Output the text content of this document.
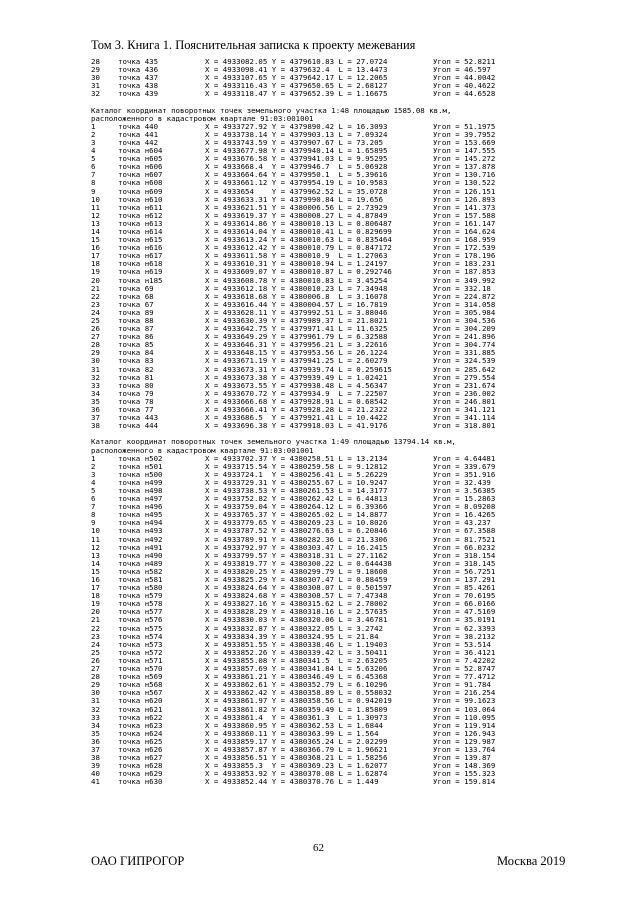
Том 3. Книга 1. Пояснительная записка к проекту межевания
28 точка 435	X = 4933082.05 Y = 4379610.83 L = 27.0724	Угол = 52.8211
29 точка 436	X = 4933098.41 Y = 4379632.4  L = 13.4473	Угол = 46.597
30 точка 437	X = 4933107.65 Y = 4379642.17 L = 12.2065	Угол = 44.0042
31 точка 438	X = 4933116.43 Y = 4379650.65 L = 2.68127	Угол = 40.4622
32 точка 439	X = 4933118.47 Y = 4379652.39 L = 1.16675	Угол = 44.6528
Каталог координат поворотных точек земельного участка 1:48 площадью 1585.08 кв.м,
расположенного в кадастровом квартале 91:03:001001
1	точка 440	X = 4933727.92 Y = 4379890.42 L = 16.3093	Угол = 51.1975
2	точка 441	X = 4933738.14 Y = 4379903.13 L = 7.09324	Угол = 39.7952
3	точка 442	X = 4933743.59 Y = 4379907.67 L = 73.205	Угол = 153.669
4	точка н604	X = 4933677.98 Y = 4379940.14 L = 1.65895	Угол = 147.555
5	точка н605	X = 4933676.58 Y = 4379941.03 L = 9.95295	Угол = 145.272
6	точка н606	X = 4933668.4  Y = 4379946.7  L = 5.06928	Угол = 137.878
7	точка н607	X = 4933664.64 Y = 4379950.1  L = 5.39616	Угол = 130.716
8	точка н608	X = 4933661.12 Y = 4379954.19 L = 10.9583	Угол = 130.522
9	точка н609	X = 4933654    Y = 4379962.52 L = 35.0728	Угол = 126.151
10 точка н610	X = 4933633.31 Y = 4379990.84 L = 19.656	Угол = 126.893
11 точка н611	X = 4933621.51 Y = 4380006.56 L = 2.73929	Угол = 141.373
12 точка н612	X = 4933619.37 Y = 4380008.27 L = 4.87849	Угол = 157.588
13 точка н613	X = 4933614.86 Y = 4380010.13 L = 0.806487	Угол = 161.147
14 точка н614	X = 4933614.04 Y = 4380010.41 L = 0.829699	Угол = 164.624
15 точка н615	X = 4933613.24 Y = 4380010.63 L = 0.835464	Угол = 168.959
16 точка н616	X = 4933612.42 Y = 4380010.79 L = 0.847172	Угол = 172.539
17 точка н617	X = 4933611.58 Y = 4380010.9  L = 1.27063	Угол = 178.196
18 точка н618	X = 4933610.31 Y = 4380010.94 L = 1.24197	Угол = 183.231
19 точка н619	X = 4933609.07 Y = 4380010.87 L = 0.292746	Угол = 187.853
20 точка н185	X = 4933608.78 Y = 4380010.83 L = 3.45254	Угол = 349.992
21 точка 69	X = 4933612.18 Y = 4380010.23 L = 7.34948	Угол = 332.18
22 точка 68	X = 4933618.68 Y = 4380006.8  L = 3.16078	Угол = 224.872
23 точка 67	X = 4933616.44 Y = 4380004.57 L = 16.7819	Угол = 314.058
24 точка 89	X = 4933628.11 Y = 4379992.51 L = 3.88046	Угол = 305.984
25 точка 88	X = 4933630.39 Y = 4379989.37 L = 21.8021	Угол = 304.536
26 точка 87	X = 4933642.75 Y = 4379971.41 L = 11.6325	Угол = 304.209
27 точка 86	X = 4933649.29 Y = 4379961.79 L = 6.32588	Угол = 241.896
28 точка 85	X = 4933646.31 Y = 4379956.21 L = 3.22616	Угол = 304.774
29 точка 84	X = 4933648.15 Y = 4379953.56 L = 26.1224	Угол = 331.885
30 точка 83	X = 4933671.19 Y = 4379941.25 L = 2.60279	Угол = 324.539
31 точка 82	X = 4933673.31 Y = 4379939.74 L = 0.259615	Угол = 285.642
32 точка 81	X = 4933673.38 Y = 4379939.49 L = 1.02421	Угол = 279.554
33 точка 80	X = 4933673.55 Y = 4379938.48 L = 4.56347	Угол = 231.674
34 точка 79	X = 4933670.72 Y = 4379934.9  L = 7.22507	Угол = 236.002
35 точка 78	X = 4933666.68 Y = 4379928.91 L = 0.68542	Угол = 246.801
36 точка 77	X = 4933666.41 Y = 4379928.28 L = 21.2322	Угол = 341.121
37 точка 443	X = 4933686.5  Y = 4379921.41 L = 10.4422	Угол = 341.114
38 точка 444	X = 4933696.38 Y = 4379918.03 L = 41.9176	Угол = 318.801
Каталог координат поворотных точек земельного участка 1:49 площадью 13794.14 кв.м,
расположенного в кадастровом квартале 91:03:001001
1	точка н502	X = 4933702.37 Y = 4380258.51 L = 13.2134	Угол = 4.64481
2	точка н501	X = 4933715.54 Y = 4380259.58 L = 9.12812	Угол = 339.679
3	точка н500	X = 4933724.1  Y = 4380256.41 L = 5.26229	Угол = 351.916
4	точка н499	X = 4933729.31 Y = 4380255.67 L = 10.9247	Угол = 32.439
5	точка н498	X = 4933738.53 Y = 4380261.53 L = 14.3177	Угол = 3.56385
6	точка н497	X = 4933752.82 Y = 4380262.42 L = 6.44813	Угол = 15.2863
7	точка н496	X = 4933759.04 Y = 4380264.12 L = 6.39366	Угол = 8.09208
8	точка н495	X = 4933765.37 Y = 4380265.02 L = 14.8877	Угол = 16.4265
9	точка н494	X = 4933779.65 Y = 4380269.23 L = 10.8026	Угол = 43.237
10 точка н493	X = 4933787.52 Y = 4380276.63 L = 6.20846	Угол = 67.3588
11 точка н492	X = 4933789.91 Y = 4380282.36 L = 21.3306	Угол = 81.7521
12 точка н491	X = 4933792.97 Y = 4380303.47 L = 16.2415	Угол = 66.0232
13 точка н490	X = 4933799.57 Y = 4380318.31 L = 27.1162	Угол = 318.154
14 точка н489	X = 4933819.77 Y = 4380300.22 L = 0.644438	Угол = 318.145
15 точка н582	X = 4933820.25 Y = 4380299.79 L = 9.18608	Угол = 56.7251
16 точка н581	X = 4933825.29 Y = 4380307.47 L = 0.88459	Угол = 137.291
17 точка н580	X = 4933824.64 Y = 4380308.07 L = 0.501597	Угол = 85.4261
18 точка н579	X = 4933824.68 Y = 4380308.57 L = 7.47348	Угол = 70.6195
19 точка н578	X = 4933827.16 Y = 4380315.62 L = 2.78002	Угол = 66.0166
20 точка н577	X = 4933828.29 Y = 4380318.16 L = 2.57635	Угол = 47.5169
21 точка н576	X = 4933830.03 Y = 4380320.06 L = 3.46781	Угол = 35.0191
22 точка н575	X = 4933832.87 Y = 4380322.05 L = 3.2742	Угол = 62.3393
23 точка н574	X = 4933834.39 Y = 4380324.95 L = 21.84	Угол = 38.2132
24 точка н573	X = 4933851.55 Y = 4380338.46 L = 1.19403	Угол = 53.514
25 точка н572	X = 4933852.26 Y = 4380339.42 L = 3.50411	Угол = 36.4121
26 точка н571	X = 4933855.08 Y = 4380341.5  L = 2.63205	Угол = 7.42202
27 точка н570	X = 4933857.69 Y = 4380341.84 L = 5.63206	Угол = 52.8747
28 точка н569	X = 4933861.21 Y = 4380346.49 L = 6.45368	Угол = 77.4712
29 точка н568	X = 4933862.61 Y = 4380352.79 L = 6.10296	Угол = 91.784
30 точка н567	X = 4933862.42 Y = 4380358.89 L = 0.558032	Угол = 216.254
31 точка н620	X = 4933861.97 Y = 4380358.56 L = 0.942019	Угол = 99.1623
32 точка н621	X = 4933861.82 Y = 4380359.49 L = 1.85809	Угол = 103.064
33 точка н622	X = 4933861.4  Y = 4380361.3  L = 1.30973	Угол = 110.095
34 точка н623	X = 4933860.95 Y = 4380362.53 L = 1.6844	Угол = 119.914
35 точка н624	X = 4933860.11 Y = 4380363.99 L = 1.564	Угол = 126.943
36 точка н625	X = 4933859.17 Y = 4380365.24 L = 2.02299	Угол = 129.987
37 точка н626	X = 4933857.87 Y = 4380366.79 L = 1.96621	Угол = 133.764
38 точка н627	X = 4933856.51 Y = 4380368.21 L = 1.58256	Угол = 139.87
39 точка н628	X = 4933855.3  Y = 4380369.23 L = 1.62077	Угол = 148.369
40 точка н629	X = 4933853.92 Y = 4380370.08 L = 1.62874	Угол = 155.323
41 точка н630	X = 4933852.44 Y = 4380370.76 L = 1.449	Угол = 159.814
62
ОАО ГИПРОГОР	Москва 2019
